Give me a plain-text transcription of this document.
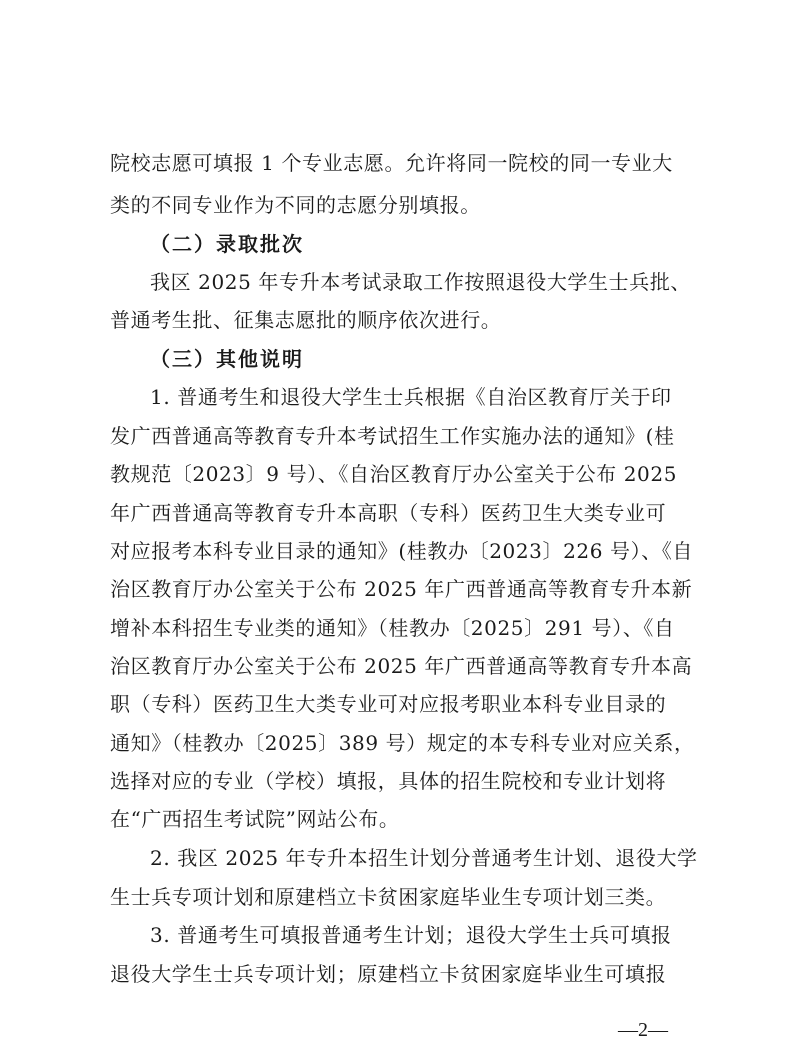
院校志愿可填报 1 个专业志愿。允许将同一院校的同一专业大
类的不同专业作为不同的志愿分别填报。
（二）录取批次
我区 2025 年专升本考试录取工作按照退役大学生士兵批、
普通考生批、征集志愿批的顺序依次进行。
（三）其他说明
1. 普通考生和退役大学生士兵根据《自治区教育厅关于印
发广西普通高等教育专升本考试招生工作实施办法的通知》(桂
教规范〔2023〕9 号）、《自治区教育厅办公室关于公布 2025
年广西普通高等教育专升本高职（专科）医药卫生大类专业可
对应报考本科专业目录的通知》(桂教办〔2023〕226 号）、《自
治区教育厅办公室关于公布 2025 年广西普通高等教育专升本新
增补本科招生专业类的通知》（桂教办〔2025〕291 号）、《自
治区教育厅办公室关于公布 2025 年广西普通高等教育专升本高
职（专科）医药卫生大类专业可对应报考职业本科专业目录的
通知》（桂教办〔2025〕389 号）规定的本专科专业对应关系，
选择对应的专业（学校）填报，具体的招生院校和专业计划将
在“广西招生考试院”网站公布。
2. 我区 2025 年专升本招生计划分普通考生计划、退役大学
生士兵专项计划和原建档立卡贫困家庭毕业生专项计划三类。
3. 普通考生可填报普通考生计划；退役大学生士兵可填报
退役大学生士兵专项计划；原建档立卡贫困家庭毕业生可填报
—2—
